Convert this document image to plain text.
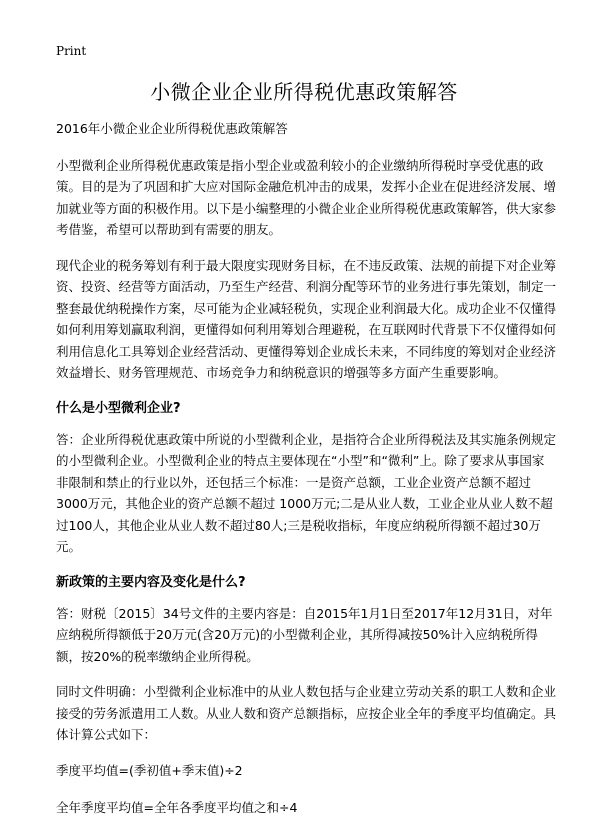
Print
小微企业企业所得税优惠政策解答

2016年小微企业企业所得税优惠政策解答

小型微利企业所得税优惠政策是指小型企业或盈利较小的企业缴纳所得税时享受优惠的政策。目的是为了巩固和扩大应对国际金融危机冲击的成果，发挥小企业在促进经济发展、增加就业等方面的积极作用。以下是小编整理的小微企业企业所得税优惠政策解答，供大家参考借鉴，希望可以帮助到有需要的朋友。

现代企业的税务筹划有利于最大限度实现财务目标，在不违反政策、法规的前提下对企业筹资、投资、经营等方面活动，乃至生产经营、利润分配等环节的业务进行事先策划，制定一整套最优纳税操作方案，尽可能为企业减轻税负，实现企业利润最大化。成功企业不仅懂得如何利用筹划赢取利润，更懂得如何利用筹划合理避税，在互联网时代背景下不仅懂得如何利用信息化工具筹划企业经营活动、更懂得筹划企业成长未来，不同纬度的筹划对企业经济效益增长、财务管理规范、市场竞争力和纳税意识的增强等多方面产生重要影响。

什么是小型微利企业?

答：企业所得税优惠政策中所说的小型微利企业，是指符合企业所得税法及其实施条例规定的小型微利企业。小型微利企业的特点主要体现在“小型”和“微利”上。除了要求从事国家非限制和禁止的行业以外，还包括三个标准：一是资产总额，工业企业资产总额不超过3000万元，其他企业的资产总额不超过 1000万元;二是从业人数，工业企业从业人数不超过100人，其他企业从业人数不超过80人;三是税收指标，年度应纳税所得额不超过30万元。

新政策的主要内容及变化是什么?

答：财税〔2015〕34号文件的主要内容是：自2015年1月1日至2017年12月31日，对年应纳税所得额低于20万元(含20万元)的小型微利企业，其所得减按50%计入应纳税所得额，按20%的税率缴纳企业所得税。

同时文件明确：小型微利企业标准中的从业人数包括与企业建立劳动关系的职工人数和企业接受的劳务派遣用工人数。从业人数和资产总额指标，应按企业全年的季度平均值确定。具体计算公式如下：

季度平均值=(季初值+季末值)÷2

全年季度平均值=全年各季度平均值之和÷4
